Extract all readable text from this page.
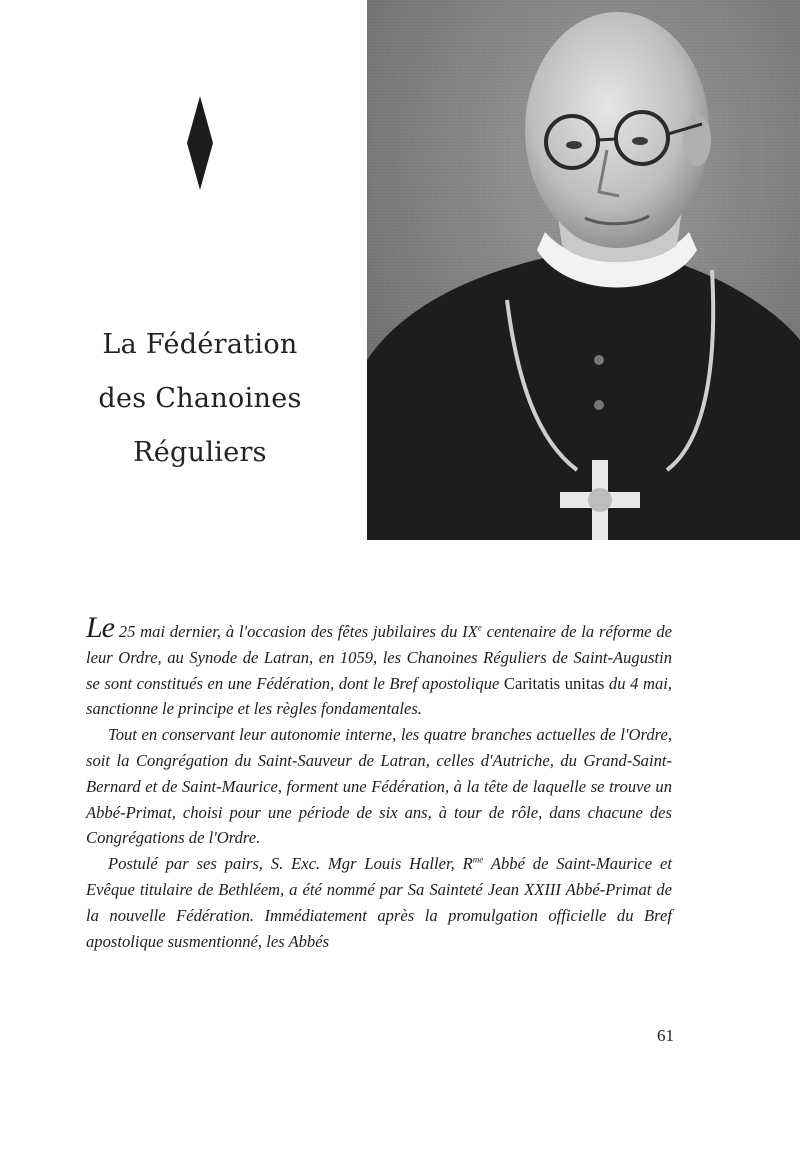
La Fédération
des Chanoines
Réguliers

Le 25 mai dernier, à l'occasion des fêtes jubilaires du IXe centenaire de la réforme de leur Ordre, au Synode de Latran, en 1059, les Chanoines Réguliers de Saint-Augustin se sont constitués en une Fédération, dont le Bref apostolique Caritatis unitas du 4 mai, sanctionne le principe et les règles fondamentales.

Tout en conservant leur autonomie interne, les quatre branches actuelles de l'Ordre, soit la Congrégation du Saint-Sauveur de Latran, celles d'Autriche, du Grand-Saint-Bernard et de Saint-Maurice, forment une Fédération, à la tête de laquelle se trouve un Abbé-Primat, choisi pour une période de six ans, à tour de rôle, dans chacune des Congrégations de l'Ordre.

Postulé par ses pairs, S. Exc. Mgr Louis Haller, $R^{me}$ Abbé de Saint-Maurice et Evêque titulaire de Bethléem, a été nommé par Sa Sainteté Jean XXIII Abbé-Primat de la nouvelle Fédération. Immédiatement après la promulgation officielle du Bref apostolique susmentionné, les Abbés

61
